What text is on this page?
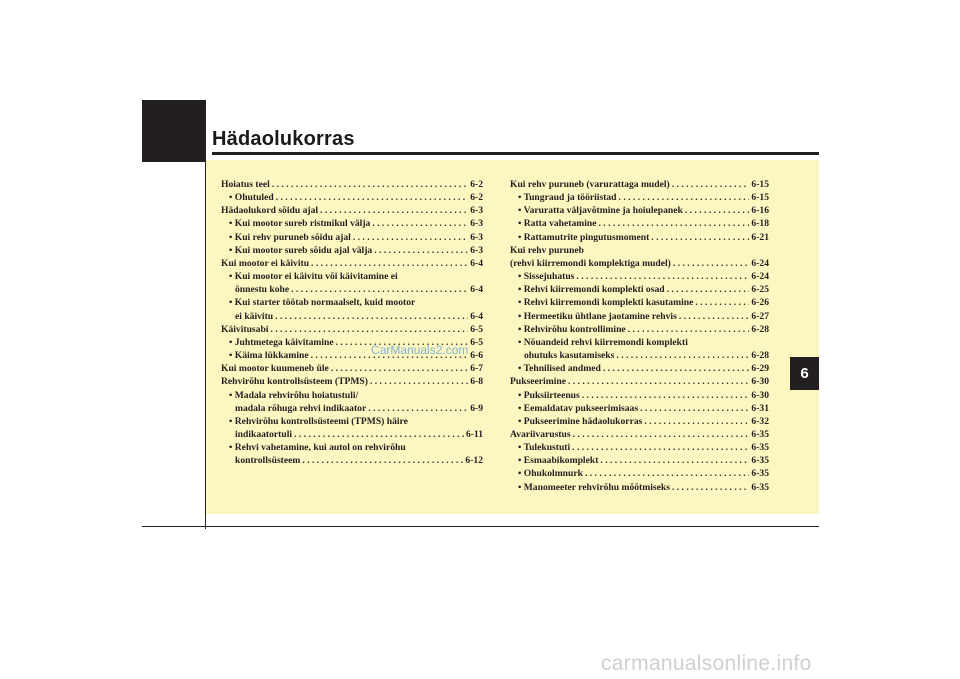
Hädaolukorras
6
Hoiatus teel . . .	6-2
• Ohutuled . . .	6-2
Hädaolukord sõidu ajal . . .	6-3
• Kui mootor sureb ristmikul välja . . .	6-3
• Kui rehv puruneb sõidu ajal . . .	6-3
• Kui mootor sureb sõidu ajal välja . . .	6-3
Kui mootor ei käivitu . . .	6-4
• Kui mootor ei käivitu või käivitamine ei
önnestu kohe . . .	6-4
• Kui starter töötab normaalselt, kuid mootor
ei käivitu . . .	6-4
Käivitusabi . . .	6-5
• Juhtmetega käivitamine . . .	6-5
• Käima lükkamine . . .	6-6
Kui mootor kuumeneb üle . . .	6-7
Rehvirõhu kontrollsüsteem (TPMS) . . .	6-8
• Madala rehvirõhu hoiatustuli/
madala rõhuga rehvi indikaator . . .	6-9
• Rehvirõhu kontrollsüsteemi (TPMS) häire
indikaatortuli . . .	6-11
• Rehvi vahetamine, kui autol on rehvirõhu
kontrollsüsteem . . .	6-12
Kui rehv puruneb (varurattaga mudel) . . .	6-15
• Tungraud ja tööriistad . . .	6-15
• Varuratta väljavõtmine ja hoiulepanek . . .	6-16
• Ratta vahetamine . . .	6-18
• Rattamutrite pingutusmoment . . .	6-21
Kui rehv puruneb
(rehvi kiirremondi komplektiga mudel) . . .	6-24
• Sissejuhatus . . .	6-24
• Rehvi kiirremondi komplekti osad . . .	6-25
• Rehvi kiirremondi komplekti kasutamine . . .	6-26
• Hermeetiku ühtlane jaotamine rehvis . . .	6-27
• Rehvirõhu kontrollimine . . .	6-28
• Nõuandeid rehvi kiirremondi komplekti
ohutuks kasutamiseks . . .	6-28
• Tehnilised andmed . . .	6-29
Pukseerimine . . .	6-30
• Puksiirteenus . . .	6-30
• Eemaldatav pukseerimisaas . . .	6-31
• Pukseerimine hädaolukorras . . .	6-32
Avariivarustus . . .	6-35
• Tulekustuti . . .	6-35
• Esmaabikomplekt . . .	6-35
• Ohukolmnurk . . .	6-35
• Manomeeter rehvirõhu mõõtmiseks . . .	6-35
CarManuals2.com
carmanualsonline.info
